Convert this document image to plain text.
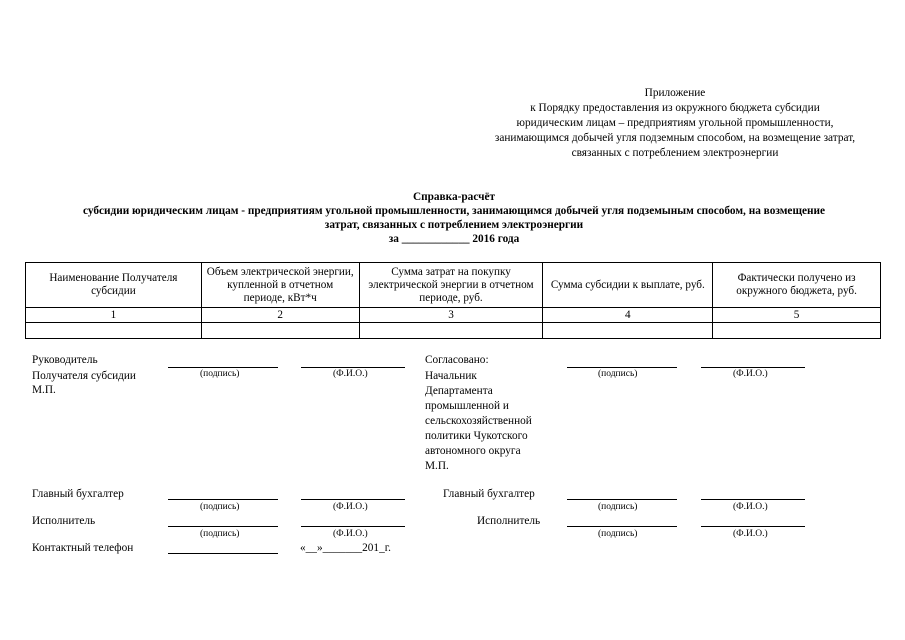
Приложение
к Порядку предоставления из окружного бюджета субсидии
юридическим лицам – предприятиям угольной промышленности,
занимающимся добычей угля подземным способом, на возмещение затрат,
связанных с потреблением электроэнергии
Справка-расчёт
субсидии юридическим лицам - предприятиям угольной промышленности, занимающимся добычей угля подземыным способом, на возмещение
затрат, связанных с потреблением электроэнергии
за ____________ 2016 года
Наименование Получателя субсидии	Объем электрической энергии, купленной в отчетном периоде, кВт*ч	Сумма затрат на покупку электрической энергии в отчетном периоде, руб.	Сумма субсидии к выплате, руб.	Фактически получено из окружного бюджета, руб.
1	2	3	4	5

Руководитель
Получателя субсидии
М.П.
(подпись)	(Ф.И.О.)
Главный бухгалтер
(подпись)	(Ф.И.О.)
Исполнитель
(подпись)	(Ф.И.О.)
Контактный телефон	«__»_______201_г.
Согласовано:
Начальник
Департамента
промышленной и
сельскохозяйственной
политики Чукотского
автономного округа
М.П.
(подпись)	(Ф.И.О.)
Главный бухгалтер
(подпись)	(Ф.И.О.)
Исполнитель
(подпись)	(Ф.И.О.)
